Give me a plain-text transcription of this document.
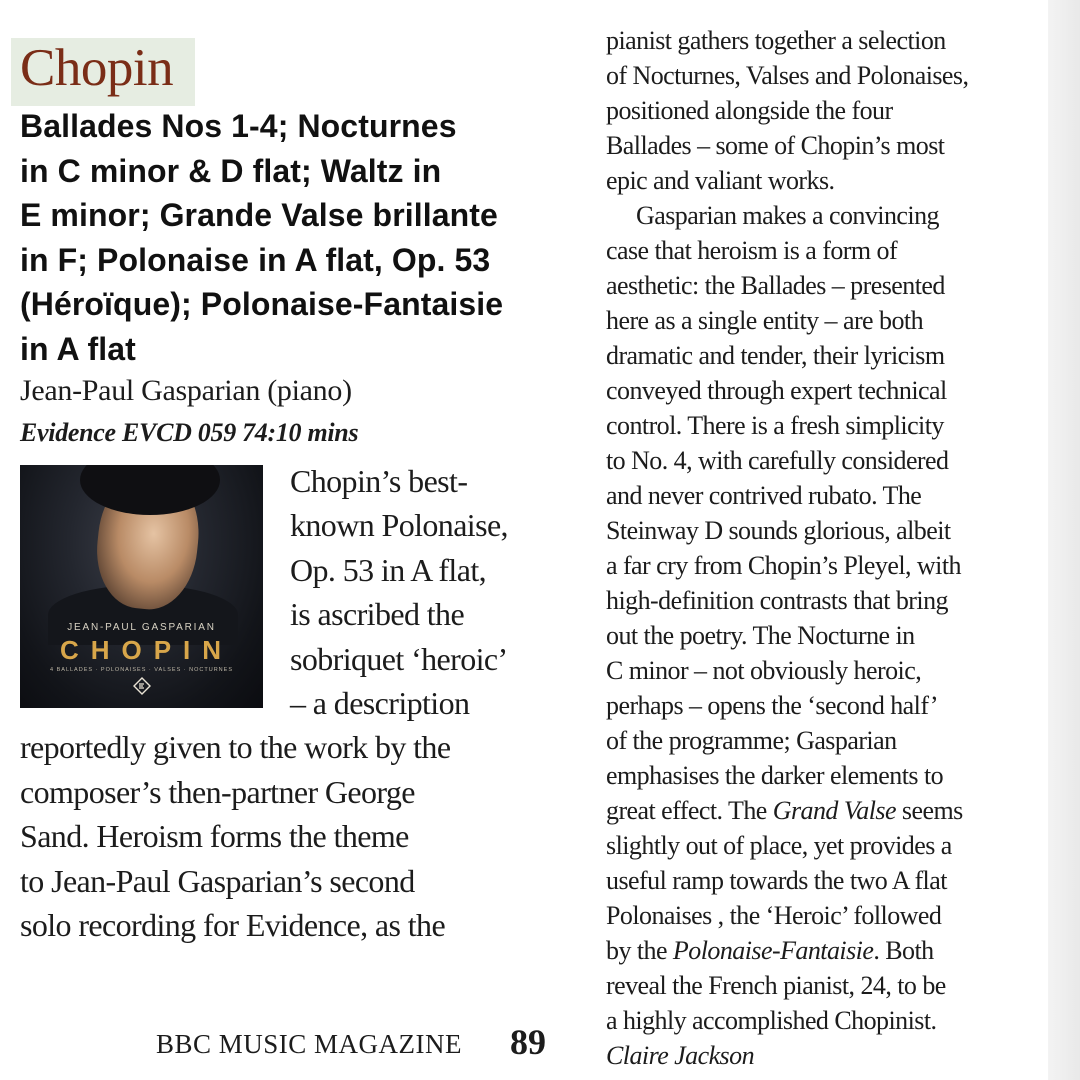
Chopin
Ballades Nos 1-4; Nocturnes
in C minor & D flat; Waltz in
E minor; Grande Valse brillante
in F; Polonaise in A flat, Op. 53
(Héroïque); Polonaise-Fantaisie
in A flat
Jean-Paul Gasparian (piano)
Evidence EVCD 059 74:10 mins
JEAN-PAUL GASPARIAN
CHOPIN
4 BALLADES · POLONAISES · VALSES · NOCTURNES
Chopin’s best-
known Polonaise,
Op. 53 in A flat,
is ascribed the
sobriquet ‘heroic’
– a description
reportedly given to the work by the
composer’s then-partner George
Sand. Heroism forms the theme
to Jean-Paul Gasparian’s second
solo recording for Evidence, as the
pianist gathers together a selection
of Nocturnes, Valses and Polonaises,
positioned alongside the four
Ballades – some of Chopin’s most
epic and valiant works.
Gasparian makes a convincing
case that heroism is a form of
aesthetic: the Ballades – presented
here as a single entity – are both
dramatic and tender, their lyricism
conveyed through expert technical
control. There is a fresh simplicity
to No. 4, with carefully considered
and never contrived rubato. The
Steinway D sounds glorious, albeit
a far cry from Chopin’s Pleyel, with
high-definition contrasts that bring
out the poetry. The Nocturne in
C minor – not obviously heroic,
perhaps – opens the ‘second half’
of the programme; Gasparian
emphasises the darker elements to
great effect. The Grand Valse seems
slightly out of place, yet provides a
useful ramp towards the two A flat
Polonaises , the ‘Heroic’ followed
by the Polonaise-Fantaisie. Both
reveal the French pianist, 24, to be
a highly accomplished Chopinist.
Claire Jackson
BBC MUSIC MAGAZINE 89
